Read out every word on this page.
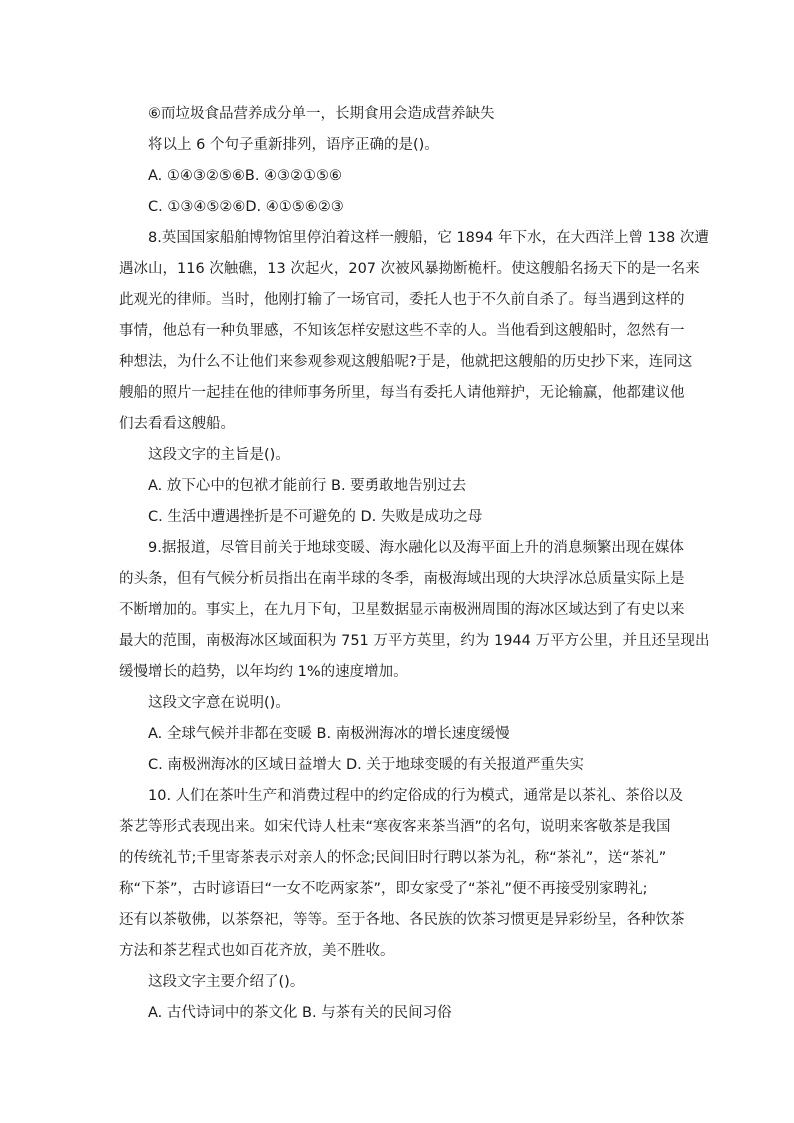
⑥而垃圾食品营养成分单一，长期食用会造成营养缺失
将以上 6 个句子重新排列，语序正确的是()。
A. ①④③②⑤⑥B. ④③②①⑤⑥
C. ①③④⑤②⑥D. ④①⑤⑥②③
8.英国国家船舶博物馆里停泊着这样一艘船，它 1894 年下水，在大西洋上曾 138 次遭
遇冰山，116 次触礁，13 次起火，207 次被风暴拗断桅杆。使这艘船名扬天下的是一名来
此观光的律师。当时，他刚打输了一场官司，委托人也于不久前自杀了。每当遇到这样的
事情，他总有一种负罪感，不知该怎样安慰这些不幸的人。当他看到这艘船时，忽然有一
种想法，为什么不让他们来参观参观这艘船呢?于是，他就把这艘船的历史抄下来，连同这
艘船的照片一起挂在他的律师事务所里，每当有委托人请他辩护，无论输赢，他都建议他
们去看看这艘船。
这段文字的主旨是()。
A. 放下心中的包袱才能前行 B. 要勇敢地告别过去
C. 生活中遭遇挫折是不可避免的 D. 失败是成功之母
9.据报道，尽管目前关于地球变暖、海水融化以及海平面上升的消息频繁出现在媒体
的头条，但有气候分析员指出在南半球的冬季，南极海域出现的大块浮冰总质量实际上是
不断增加的。事实上，在九月下旬，卫星数据显示南极洲周围的海冰区域达到了有史以来
最大的范围，南极海冰区域面积为 751 万平方英里，约为 1944 万平方公里，并且还呈现出
缓慢增长的趋势，以年均约 1%的速度增加。
这段文字意在说明()。
A. 全球气候并非都在变暖 B. 南极洲海冰的增长速度缓慢
C. 南极洲海冰的区域日益增大 D. 关于地球变暖的有关报道严重失实
10. 人们在茶叶生产和消费过程中的约定俗成的行为模式，通常是以茶礼、茶俗以及
茶艺等形式表现出来。如宋代诗人杜耒“寒夜客来茶当酒”的名句，说明来客敬茶是我国
的传统礼节;千里寄茶表示对亲人的怀念;民间旧时行聘以茶为礼，称“茶礼”，送“茶礼”
称“下茶”，古时谚语曰“一女不吃两家茶”，即女家受了“茶礼”便不再接受别家聘礼;
还有以茶敬佛，以茶祭祀，等等。至于各地、各民族的饮茶习惯更是异彩纷呈，各种饮茶
方法和茶艺程式也如百花齐放，美不胜收。
这段文字主要介绍了()。
A. 古代诗词中的茶文化 B. 与茶有关的民间习俗
